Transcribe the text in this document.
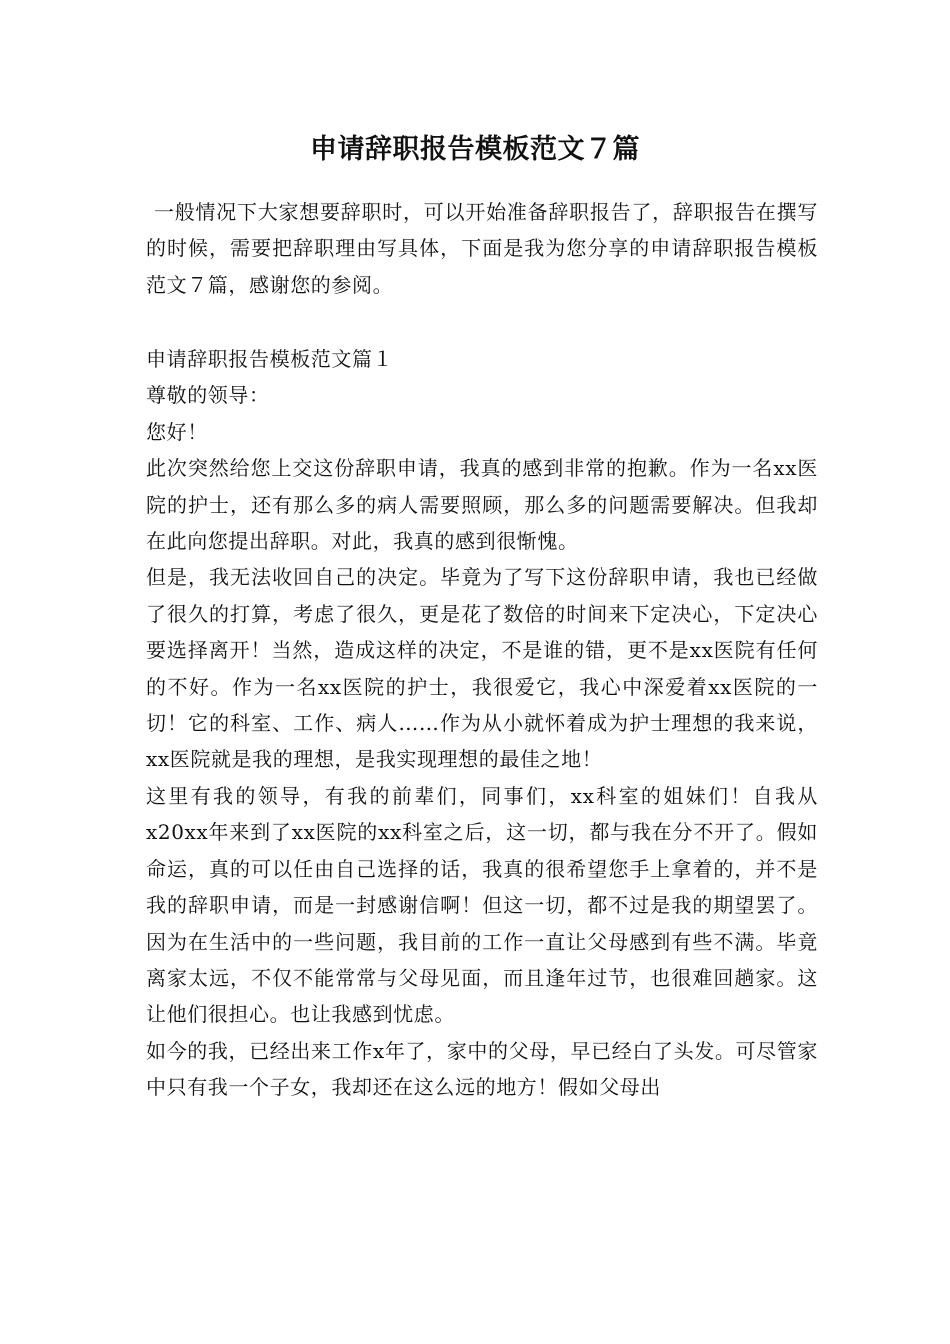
申请辞职报告模板范文７篇
一般情况下大家想要辞职时，可以开始准备辞职报告了，辞职报告在撰写的时候，需要把辞职理由写具体，下面是我为您分享的申请辞职报告模板范文７篇，感谢您的参阅。

申请辞职报告模板范文篇１

尊敬的领导：

您好！

此次突然给您上交这份辞职申请，我真的感到非常的抱歉。作为一名xx医院的护士，还有那么多的病人需要照顾，那么多的问题需要解决。但我却在此向您提出辞职。对此，我真的感到很惭愧。

但是，我无法收回自己的决定。毕竟为了写下这份辞职申请，我也已经做了很久的打算，考虑了很久，更是花了数倍的时间来下定决心，下定决心要选择离开！当然，造成这样的决定，不是谁的错，更不是xx医院有任何的不好。作为一名xx医院的护士，我很爱它，我心中深爱着xx医院的一切！它的科室、工作、病人……作为从小就怀着成为护士理想的我来说，xx医院就是我的理想，是我实现理想的最佳之地！

这里有我的领导，有我的前辈们，同事们，xx科室的姐妹们！自我从x20xx年来到了xx医院的xx科室之后，这一切，都与我在分不开了。假如命运，真的可以任由自己选择的话，我真的很希望您手上拿着的，并不是我的辞职申请，而是一封感谢信啊！但这一切，都不过是我的期望罢了。因为在生活中的一些问题，我目前的工作一直让父母感到有些不满。毕竟离家太远，不仅不能常常与父母见面，而且逢年过节，也很难回趟家。这让他们很担心。也让我感到忧虑。

如今的我，已经出来工作x年了，家中的父母，早已经白了头发。可尽管家中只有我一个子女，我却还在这么远的地方！假如父母出
